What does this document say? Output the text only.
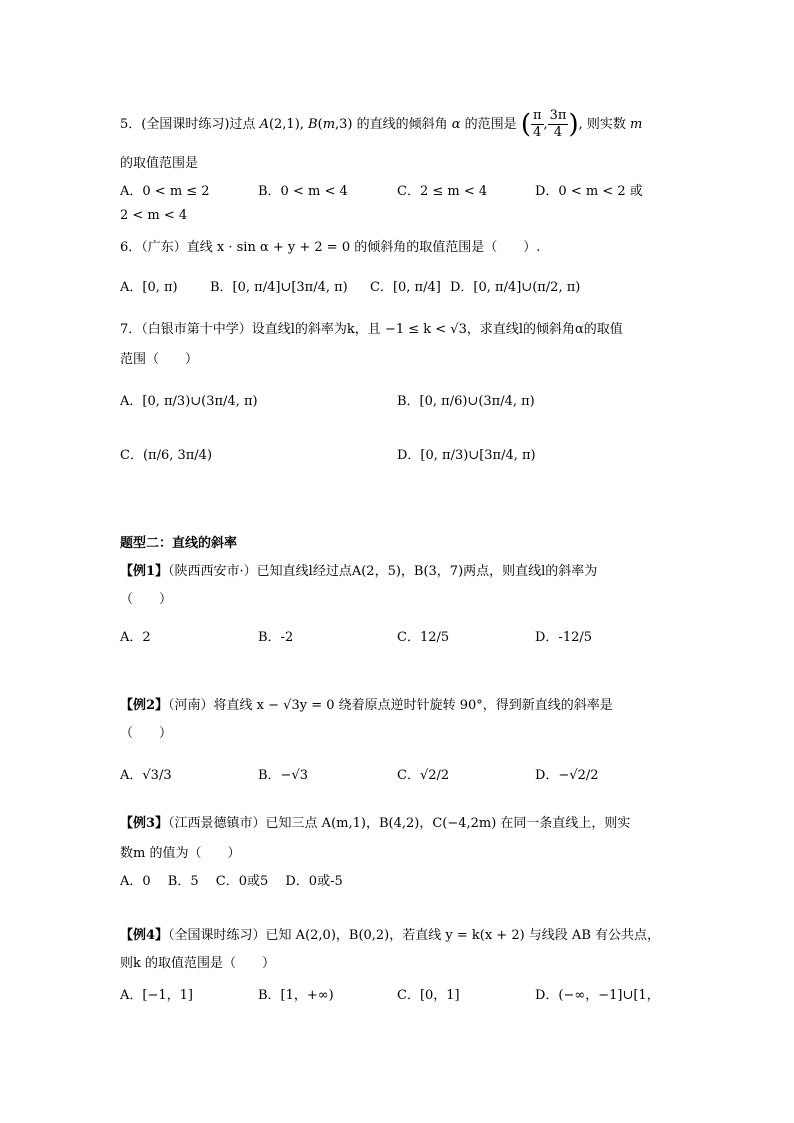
5．(全国课时练习)过点 A(2,1), B(m,3) 的直线的倾斜角 α 的范围是 ( $\frac{\pi}{4}$ , $\frac{3\pi}{4}$ ), 则实数 m
的取值范围是
A．0 < m ≤ 2	B．0 < m < 4	C．2 ≤ m < 4	D．0 < m < 2 或
2 < m < 4
6．（广东）直线 x · sin α + y + 2 = 0 的倾斜角的取值范围是（　　）.
A．[0, π) B．[0, π/4]∪[3π/4, π) C．[0, π/4] D．[0, π/4]∪(π/2, π)
7．（白银市第十中学）设直线l的斜率为k，且 −1 ≤ k < √3，求直线l的倾斜角α的取值
范围（　　）
A．[0, π/3)∪(3π/4, π)	B．[0, π/6)∪(3π/4, π)
C．(π/6, 3π/4)	D．[0, π/3)∪[3π/4, π)
题型二：直线的斜率
【例1】（陕西西安市·）已知直线l经过点A(2，5)，B(3，7)两点，则直线l的斜率为
（　　）
A．2	B．-2	C．12/5	D．-12/5
【例2】（河南）将直线 x − √3y = 0 绕着原点逆时针旋转 90°，得到新直线的斜率是
（　　）
A．√3/3	B．−√3	C．√2/2	D．−√2/2
【例3】（江西景德镇市）已知三点 A(m,1)，B(4,2)，C(−4,2m) 在同一条直线上，则实
数m 的值为（　　）
A．0　 B．5　 C．0或5　 D．0或-5
【例4】（全国课时练习）已知 A(2,0)，B(0,2)，若直线 y = k(x + 2) 与线段 AB 有公共点，
则k 的取值范围是（　　）
A．[−1，1]	B．[1，+∞)	C．[0，1]	D．(−∞，−1]∪[1，
